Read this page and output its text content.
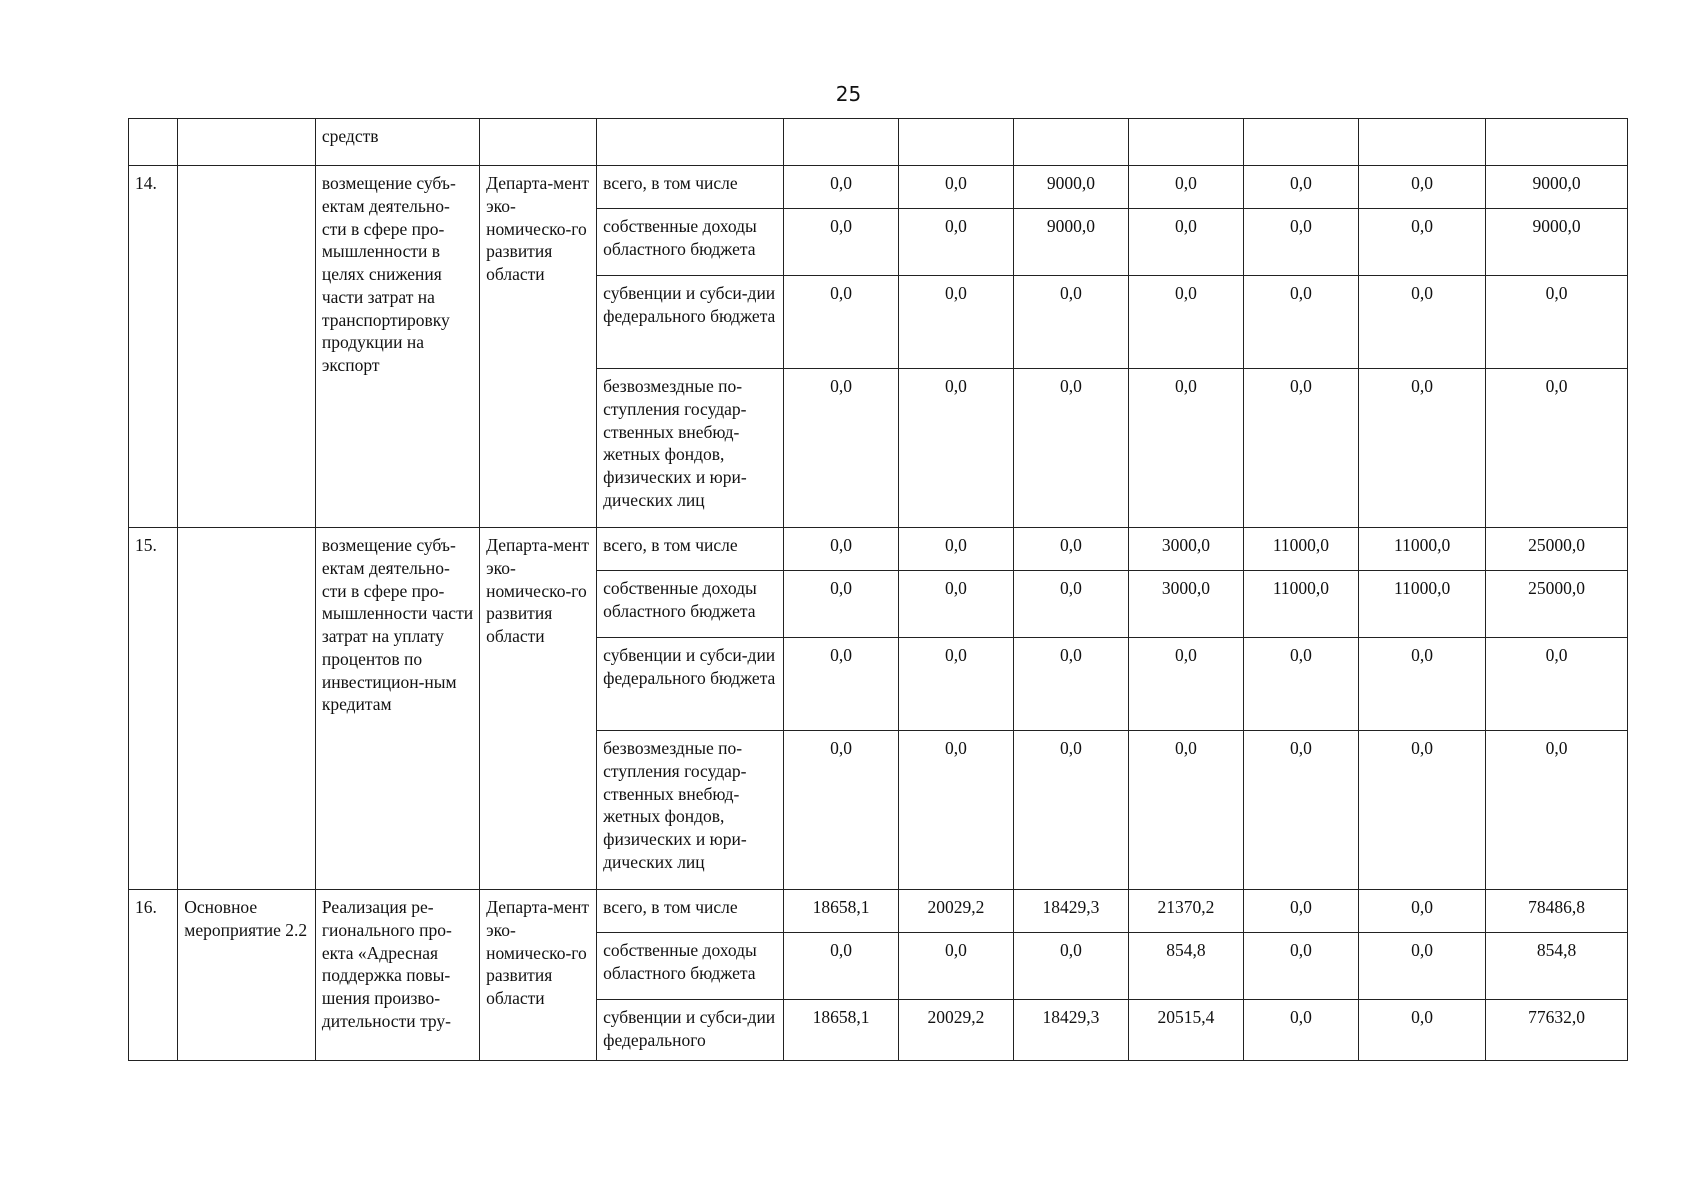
25
		средств									
14.		возмещение субъ-ектам деятельно-сти в сфере про-мышленности в целях снижения части затрат на транспортировку продукции на экспорт	Департа-мент эко-номическо-го развития области	всего, в том числе	0,0	0,0	9000,0	0,0	0,0	0,0	9000,0
				собственные доходы областного бюджета	0,0	0,0	9000,0	0,0	0,0	0,0	9000,0
				субвенции и субси-дии федерального бюджета	0,0	0,0	0,0	0,0	0,0	0,0	0,0
				безвозмездные по-ступления государ-ственных внебюд-жетных фондов, физических и юри-дических лиц	0,0	0,0	0,0	0,0	0,0	0,0	0,0
15.		возмещение субъ-ектам деятельно-сти в сфере про-мышленности части затрат на уплату процентов по инвестицион-ным кредитам	Департа-мент эко-номическо-го развития области	всего, в том числе	0,0	0,0	0,0	3000,0	11000,0	11000,0	25000,0
				собственные доходы областного бюджета	0,0	0,0	0,0	3000,0	11000,0	11000,0	25000,0
				субвенции и субси-дии федерального бюджета	0,0	0,0	0,0	0,0	0,0	0,0	0,0
				безвозмездные по-ступления государ-ственных внебюд-жетных фондов, физических и юри-дических лиц	0,0	0,0	0,0	0,0	0,0	0,0	0,0
16.	Основное мероприятие 2.2	Реализация ре-гионального про-екта «Адресная поддержка повы-шения произво-дительности тру-	Департа-мент эко-номическо-го развития области	всего, в том числе	18658,1	20029,2	18429,3	21370,2	0,0	0,0	78486,8
				собственные доходы областного бюджета	0,0	0,0	0,0	854,8	0,0	0,0	854,8
				субвенции и субси-дии федерального	18658,1	20029,2	18429,3	20515,4	0,0	0,0	77632,0
